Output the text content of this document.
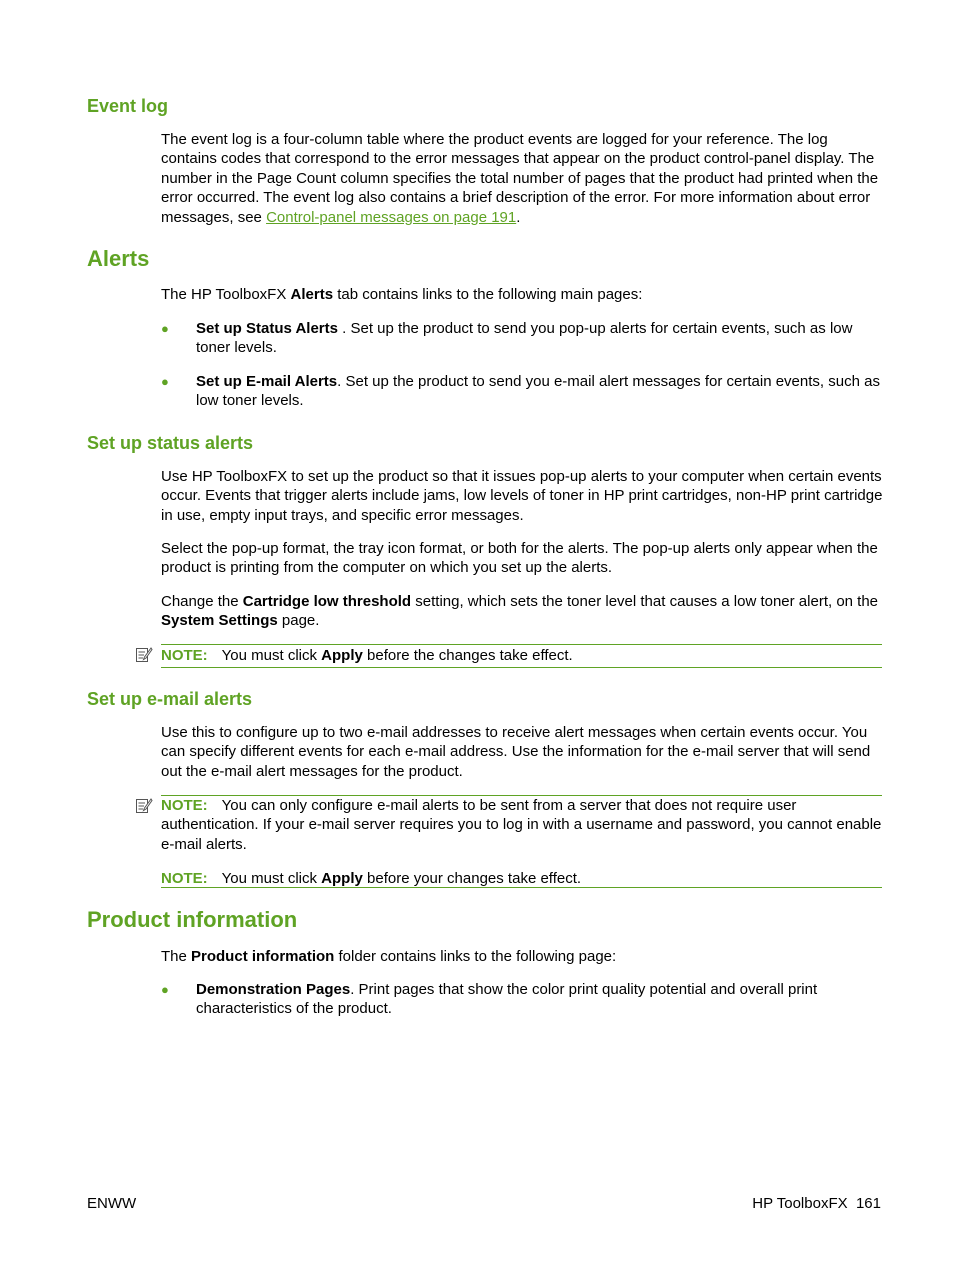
Event log

The event log is a four-column table where the product events are logged for your reference. The log contains codes that correspond to the error messages that appear on the product control-panel display. The number in the Page Count column specifies the total number of pages that the product had printed when the error occurred. The event log also contains a brief description of the error. For more information about error messages, see Control-panel messages on page 191.

Alerts

The HP ToolboxFX Alerts tab contains links to the following main pages:

● Set up Status Alerts . Set up the product to send you pop-up alerts for certain events, such as low toner levels.
● Set up E-mail Alerts. Set up the product to send you e-mail alert messages for certain events, such as low toner levels.
Set up status alerts

Use HP ToolboxFX to set up the product so that it issues pop-up alerts to your computer when certain events occur. Events that trigger alerts include jams, low levels of toner in HP print cartridges, non-HP print cartridge in use, empty input trays, and specific error messages.

Select the pop-up format, the tray icon format, or both for the alerts. The pop-up alerts only appear when the product is printing from the computer on which you set up the alerts.

Change the Cartridge low threshold setting, which sets the toner level that causes a low toner alert, on the System Settings page.

NOTE: You must click Apply before the changes take effect.

Set up e-mail alerts

Use this to configure up to two e-mail addresses to receive alert messages when certain events occur. You can specify different events for each e-mail address. Use the information for the e-mail server that will send out the e-mail alert messages for the product.

NOTE: You can only configure e-mail alerts to be sent from a server that does not require user authentication. If your e-mail server requires you to log in with a username and password, you cannot enable e-mail alerts.

NOTE: You must click Apply before your changes take effect.

Product information

The Product information folder contains links to the following page:

● Demonstration Pages. Print pages that show the color print quality potential and overall print characteristics of the product.
ENWW	HP ToolboxFX 161
